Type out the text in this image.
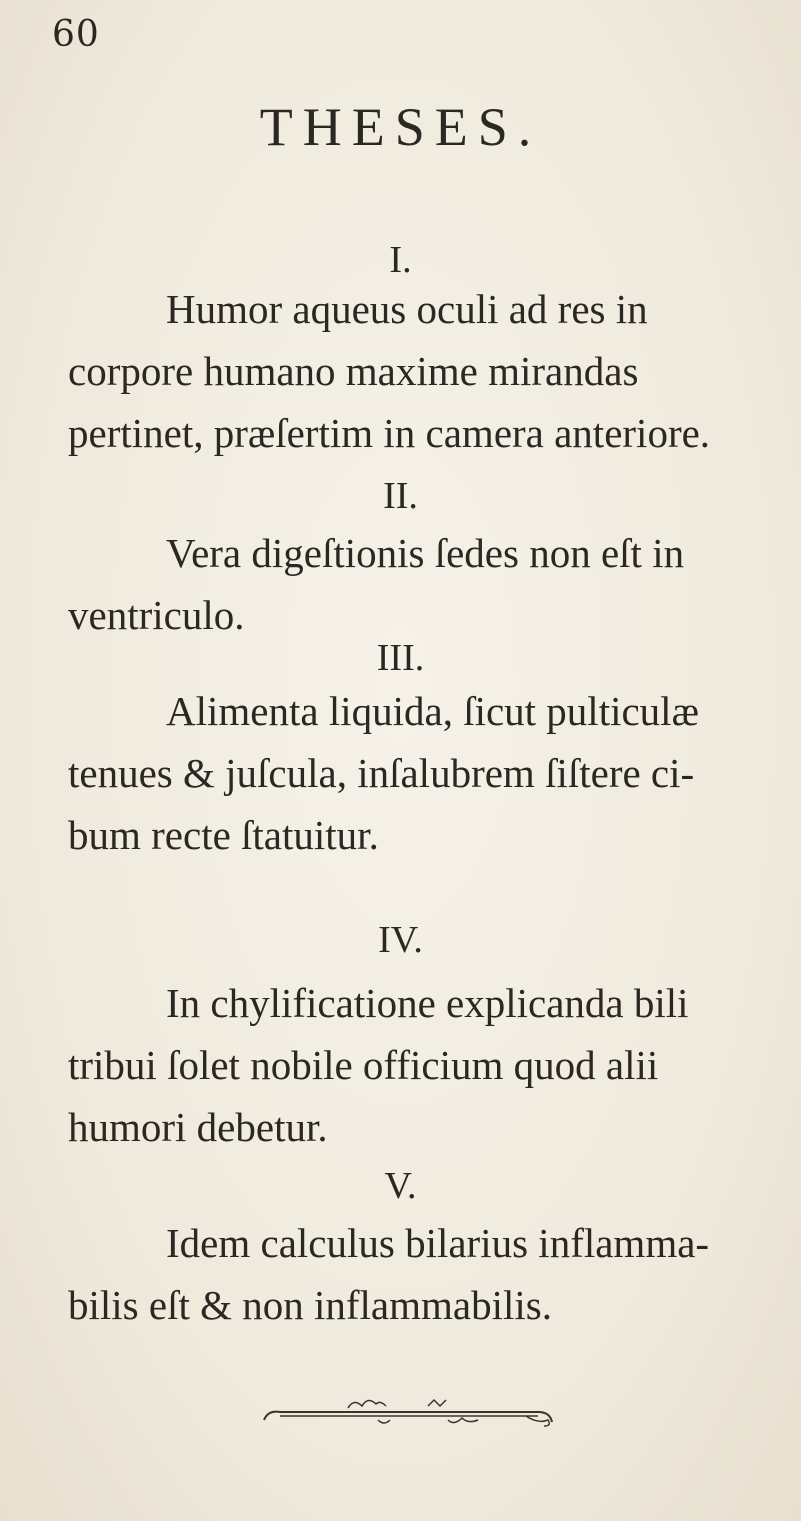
60
THESES.
I.
Humor aqueus oculi ad res in
corpore humano maxime mirandas
pertinet, præſertim in camera anteriore.
II.
Vera digeſtionis ſedes non eſt in
ventriculo.
III.
Alimenta liquida, ſicut pulticulæ
tenues & juſcula, inſalubrem ſiſtere ci-
bum recte ſtatuitur.
IV.
In chylificatione explicanda bili
tribui ſolet nobile officium quod alii
humori debetur.
V.
Idem calculus bilarius inflamma-
bilis eſt & non inflammabilis.
